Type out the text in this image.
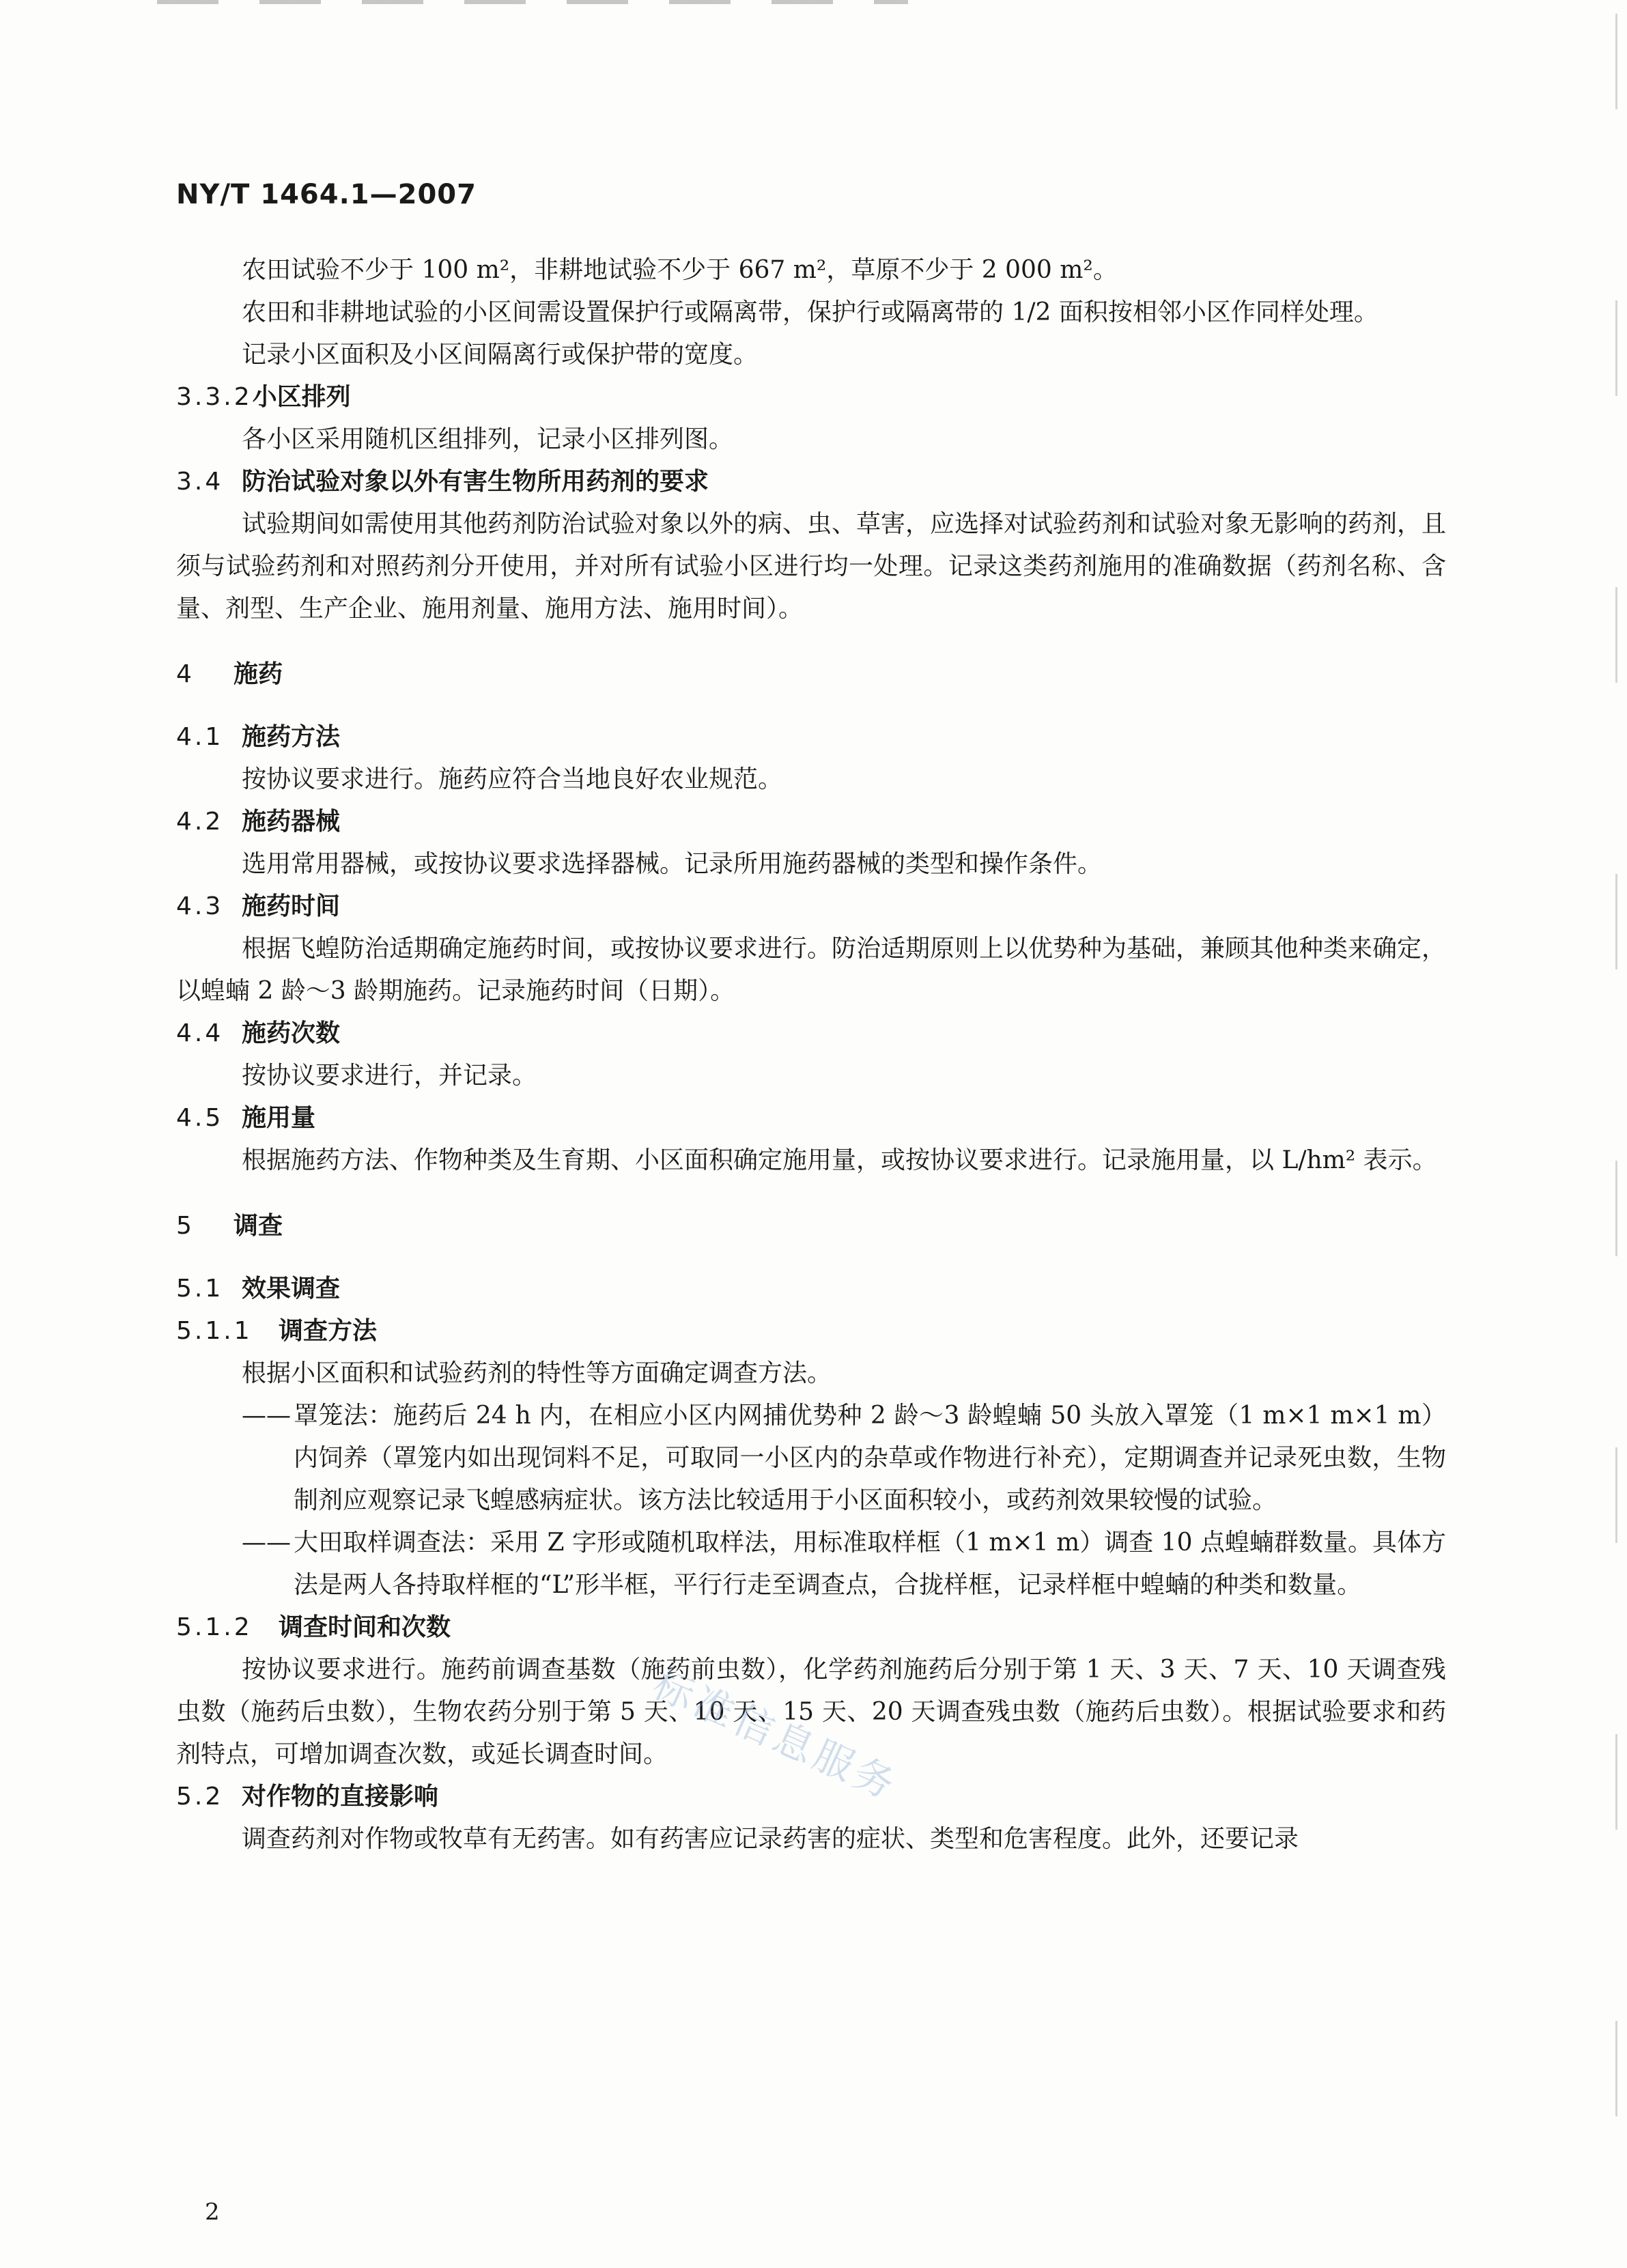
NY/T 1464.1—2007

农田试验不少于 100 m²，非耕地试验不少于 667 m²，草原不少于 2 000 m²。

农田和非耕地试验的小区间需设置保护行或隔离带，保护行或隔离带的 1/2 面积按相邻小区作同样处理。

记录小区面积及小区间隔离行或保护带的宽度。

3.3.2小区排列

各小区采用随机区组排列，记录小区排列图。

3.4 防治试验对象以外有害生物所用药剂的要求

试验期间如需使用其他药剂防治试验对象以外的病、虫、草害，应选择对试验药剂和试验对象无影响的药剂，且须与试验药剂和对照药剂分开使用，并对所有试验小区进行均一处理。记录这类药剂施用的准确数据（药剂名称、含量、剂型、生产企业、施用剂量、施用方法、施用时间）。

4 施药
4.1 施药方法

按协议要求进行。施药应符合当地良好农业规范。

4.2 施药器械

选用常用器械，或按协议要求选择器械。记录所用施药器械的类型和操作条件。

4.3 施药时间

根据飞蝗防治适期确定施药时间，或按协议要求进行。防治适期原则上以优势种为基础，兼顾其他种类来确定，以蝗蝻 2 龄～3 龄期施药。记录施药时间（日期）。

4.4 施药次数

按协议要求进行，并记录。

4.5 施用量

根据施药方法、作物种类及生育期、小区面积确定施用量，或按协议要求进行。记录施用量，以 L/hm² 表示。

5 调查
5.1 效果调查
5.1.1 调查方法

根据小区面积和试验药剂的特性等方面确定调查方法。

—— 罩笼法：施药后 24 h 内，在相应小区内网捕优势种 2 龄～3 龄蝗蝻 50 头放入罩笼（1 m×1 m×1 m）内饲养（罩笼内如出现饲料不足，可取同一小区内的杂草或作物进行补充），定期调查并记录死虫数，生物制剂应观察记录飞蝗感病症状。该方法比较适用于小区面积较小，或药剂效果较慢的试验。
—— 大田取样调查法：采用 Z 字形或随机取样法，用标准取样框（1 m×1 m）调查 10 点蝗蝻群数量。具体方法是两人各持取样框的“L”形半框，平行行走至调查点，合拢样框，记录样框中蝗蝻的种类和数量。
5.1.2 调查时间和次数

按协议要求进行。施药前调查基数（施药前虫数），化学药剂施药后分别于第 1 天、3 天、7 天、10 天调查残虫数（施药后虫数），生物农药分别于第 5 天、10 天、15 天、20 天调查残虫数（施药后虫数）。根据试验要求和药剂特点，可增加调查次数，或延长调查时间。

5.2 对作物的直接影响

调查药剂对作物或牧草有无药害。如有药害应记录药害的症状、类型和危害程度。此外，还要记录

标准信息服务
2
